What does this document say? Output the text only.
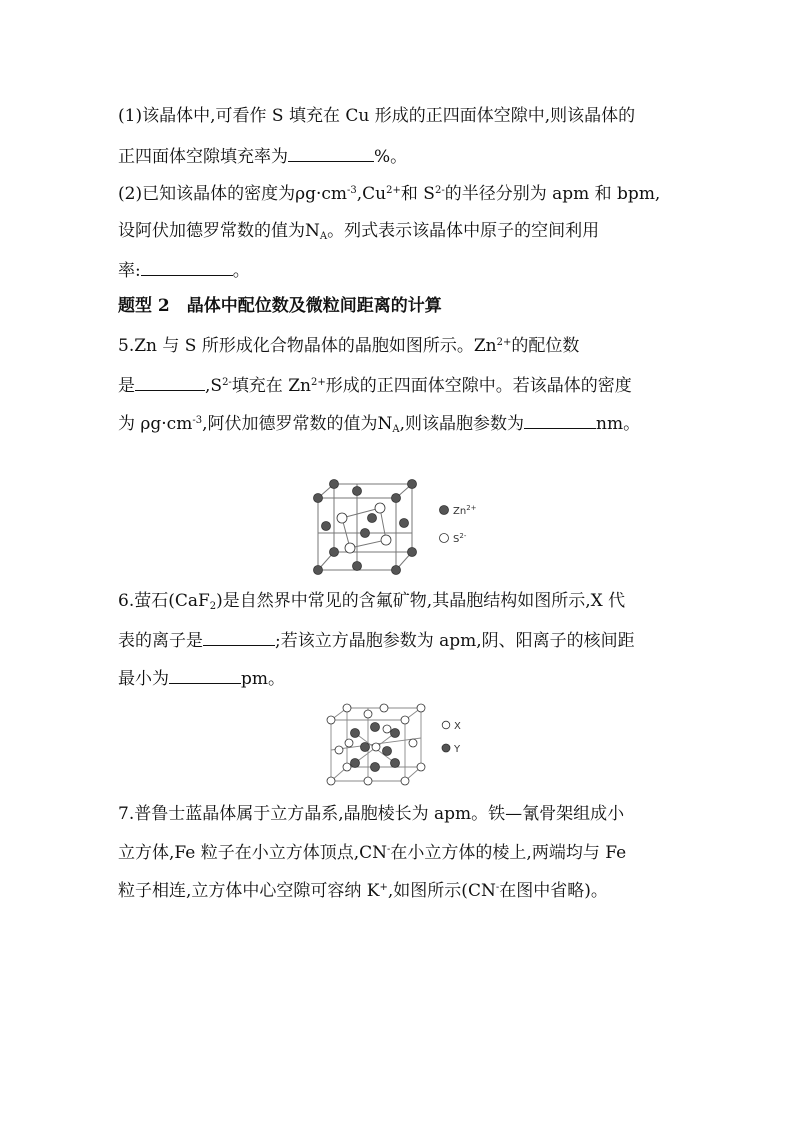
(1)该晶体中,可看作 S 填充在 Cu 形成的正四面体空隙中,则该晶体的
正四面体空隙填充率为	%。
(2)已知该晶体的密度为$\rho g\cdot cm^{-3},Cu^{2+}$和 $S^{2-}$的半径分别为 apm 和 bpm,
设阿伏加德罗常数的值为$N_A$。列式表示该晶体中原子的空间利用
率:	。
题型 2　晶体中配位数及微粒间距离的计算
5.Zn 与 S 所形成化合物晶体的晶胞如图所示。$Zn^{2+}$的配位数
是	$,S^{2-}$填充在 $Zn^{2+}$形成的正四面体空隙中。若该晶体的密度
为 $\rho g\cdot cm^{-3}$,阿伏加德罗常数的值为$N_A$,则该晶胞参数为	nm。
$Zn^{2+}$
$S^{2-}$
6.萤石(CaF$_2$)是自然界中常见的含氟矿物,其晶胞结构如图所示,X 代
表的离子是	;若该立方晶胞参数为 apm,阴、阳离子的核间距
最小为	pm。
X
Y
7.普鲁士蓝晶体属于立方晶系,晶胞棱长为 apm。铁—氰骨架组成小
立方体,Fe 粒子在小立方体顶点,CN-在小立方体的棱上,两端均与 Fe
粒子相连,立方体中心空隙可容纳 K+,如图所示(CN-在图中省略)。
